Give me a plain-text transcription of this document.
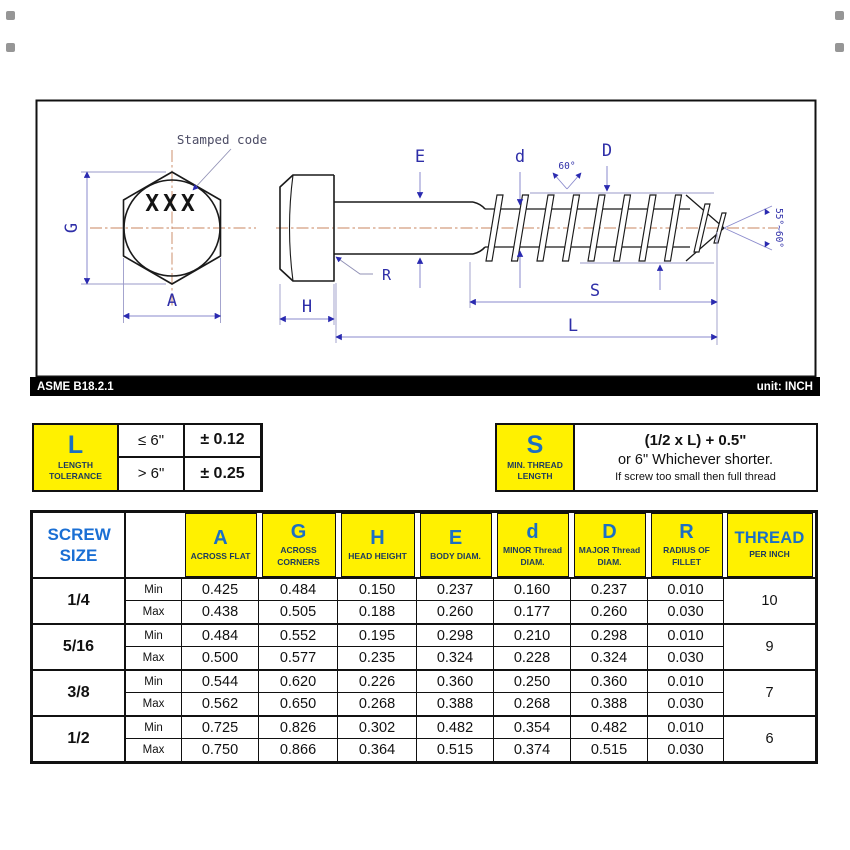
XXX
Stamped code
G
A
E	d	D
60°
55°~60°
R
H
S
L
ASME B18.2.1	unit: INCH
L
LENGTH TOLERANCE
≤ 6"	± 0.12
> 6"	± 0.25
S
MIN. THREAD LENGTH
(1/2 x L) + 0.5"
or 6" Whichever shorter.
If screw too small then full thread
SCREW SIZE
A
ACROSS FLAT
G
ACROSS CORNERS
H
HEAD HEIGHT
E
BODY DIAM.
d
MINOR Thread DIAM.
D
MAJOR Thread DIAM.
R
RADIUS OF FILLET
THREAD
PER INCH
1/4
Min	0.425	0.484	0.150	0.237	0.160	0.237	0.010
10
Max	0.438	0.505	0.188	0.260	0.177	0.260	0.030
5/16
Min	0.484	0.552	0.195	0.298	0.210	0.298	0.010
9
Max	0.500	0.577	0.235	0.324	0.228	0.324	0.030
3/8
Min	0.544	0.620	0.226	0.360	0.250	0.360	0.010
7
Max	0.562	0.650	0.268	0.388	0.268	0.388	0.030
1/2
Min	0.725	0.826	0.302	0.482	0.354	0.482	0.010
6
Max	0.750	0.866	0.364	0.515	0.374	0.515	0.030
